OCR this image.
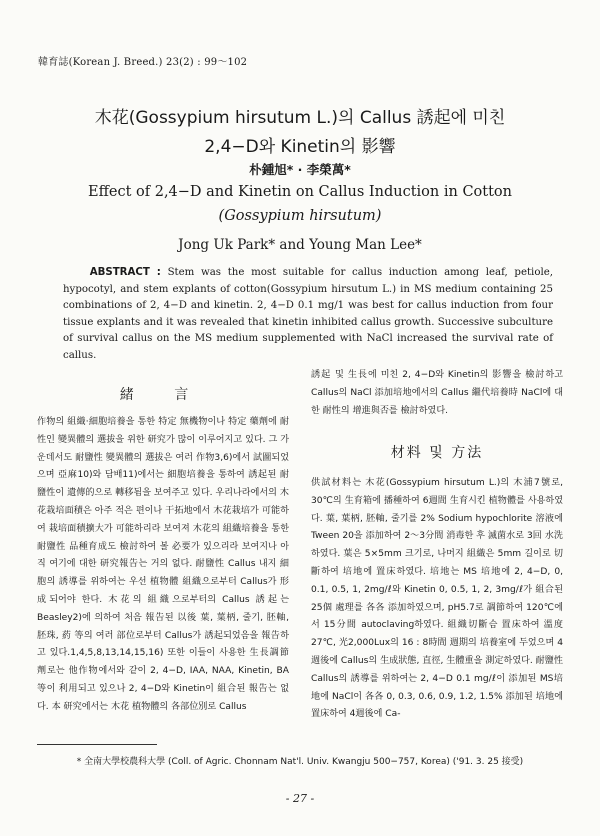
韓育誌(Korean J. Breed.) 23(2) : 99〜102
木花(Gossypium hirsutum L.)의 Callus 誘起에 미친
2,4−D와 Kinetin의 影響
朴鍾旭* · 李榮萬*
Effect of 2,4−D and Kinetin on Callus Induction in Cotton
(Gossypium hirsutum)
Jong Uk Park* and Young Man Lee*

ABSTRACT : Stem was the most suitable for callus induction among leaf, petiole, hypocotyl, and stem explants of cotton(Gossypium hirsutum L.) in MS medium containing 25 combinations of 2, 4−D and kinetin. 2, 4−D 0.1 mg/1 was best for callus induction from four tissue explants and it was revealed that kinetin inhibited callus growth. Successive subculture of survival callus on the MS medium supplemented with NaCl increased the survival rate of callus.

緒 言

作物의 組織·細胞培養을 통한 特定 無機物이나 特定 藥劑에 耐性인 變異體의 選拔을 위한 研究가 많이 이루어지고 있다. 그 가운데서도 耐鹽性 變異體의 選拔은 여러 作物3,6)에서 試圖되었으며 亞麻10)와 담배11)에서는 細胞培養을 통하여 誘起된 耐鹽性이 遺傳的으로 轉移됨을 보여주고 있다. 우리나라에서의 木花栽培面積은 아주 적은 편이나 干拓地에서 木花栽培가 可能하여 栽培面積擴大가 可能하리라 보여져 木花의 組織培養을 통한 耐鹽性 品種育成도 檢討하여 볼 必要가 있으리라 보여지나 아직 여기에 대한 研究報告는 거의 없다. 耐鹽性 Callus 내지 細胞의 誘導를 위하여는 우선 植物體 組織으로부터 Callus가 形成되어야 한다. 木花의 組織으로부터의 Callus 誘起는 Beasley2)에 의하여 처음 報告된 以後 葉, 葉柄, 줄기, 胚軸, 胚珠, 葯 等의 여러 部位로부터 Callus가 誘起되었음을 報告하고 있다.1,4,5,8,13,14,15,16) 또한 이들이 사용한 生長調節劑로는 他作物에서와 같이 2, 4−D, IAA, NAA, Kinetin, BA 等이 利用되고 있으나 2, 4−D와 Kinetin이 組合된 報告는 없다. 本 研究에서는 木花 植物體의 各部位別로 Callus

誘起 및 生長에 미친 2, 4−D와 Kinetin의 影響을 檢討하고 Callus의 NaCl 添加培地에서의 Callus 繼代培養時 NaCl에 대한 耐性의 增進與否를 檢討하였다.

材料 및 方法

供試材料는 木花(Gossypium hirsutum L.)의 木浦7號로, 30℃의 生育箱에 播種하여 6週間 生育시킨 植物體를 사용하였다. 葉, 葉柄, 胚軸, 줄기를 2% Sodium hypochlorite 溶液에 Tween 20을 添加하여 2〜3分間 消毒한 후 滅菌水로 3回 水洗하였다. 葉은 5×5mm 크기로, 나머지 組織은 5mm 길이로 切斷하여 培地에 置床하였다. 培地는 MS 培地에 2, 4−D, 0, 0.1, 0.5, 1, 2mg/ℓ와 Kinetin 0, 0.5, 1, 2, 3mg/ℓ가 組合된 25個 處理를 各各 添加하였으며, pH5.7로 調節하여 120℃에서 15分間 autoclaving하였다. 組織切斷슴 置床하여 溫度 27℃, 光2,000Lux의 16 : 8時間 週期의 培養室에 두었으며 4週後에 Callus의 生成狀態, 直徑, 生體重을 測定하였다. 耐鹽性 Callus의 誘導를 위하여는 2, 4−D 0.1 mg/ℓ이 添加된 MS培地에 NaCl이 各各 0, 0.3, 0.6, 0.9, 1.2, 1.5% 添加된 培地에 置床하여 4週後에 Ca-

* 全南大學校農科大學 (Coll. of Agric. Chonnam Nat'l. Univ. Kwangju 500−757, Korea) ('91. 3. 25 接受)
- 27 -
